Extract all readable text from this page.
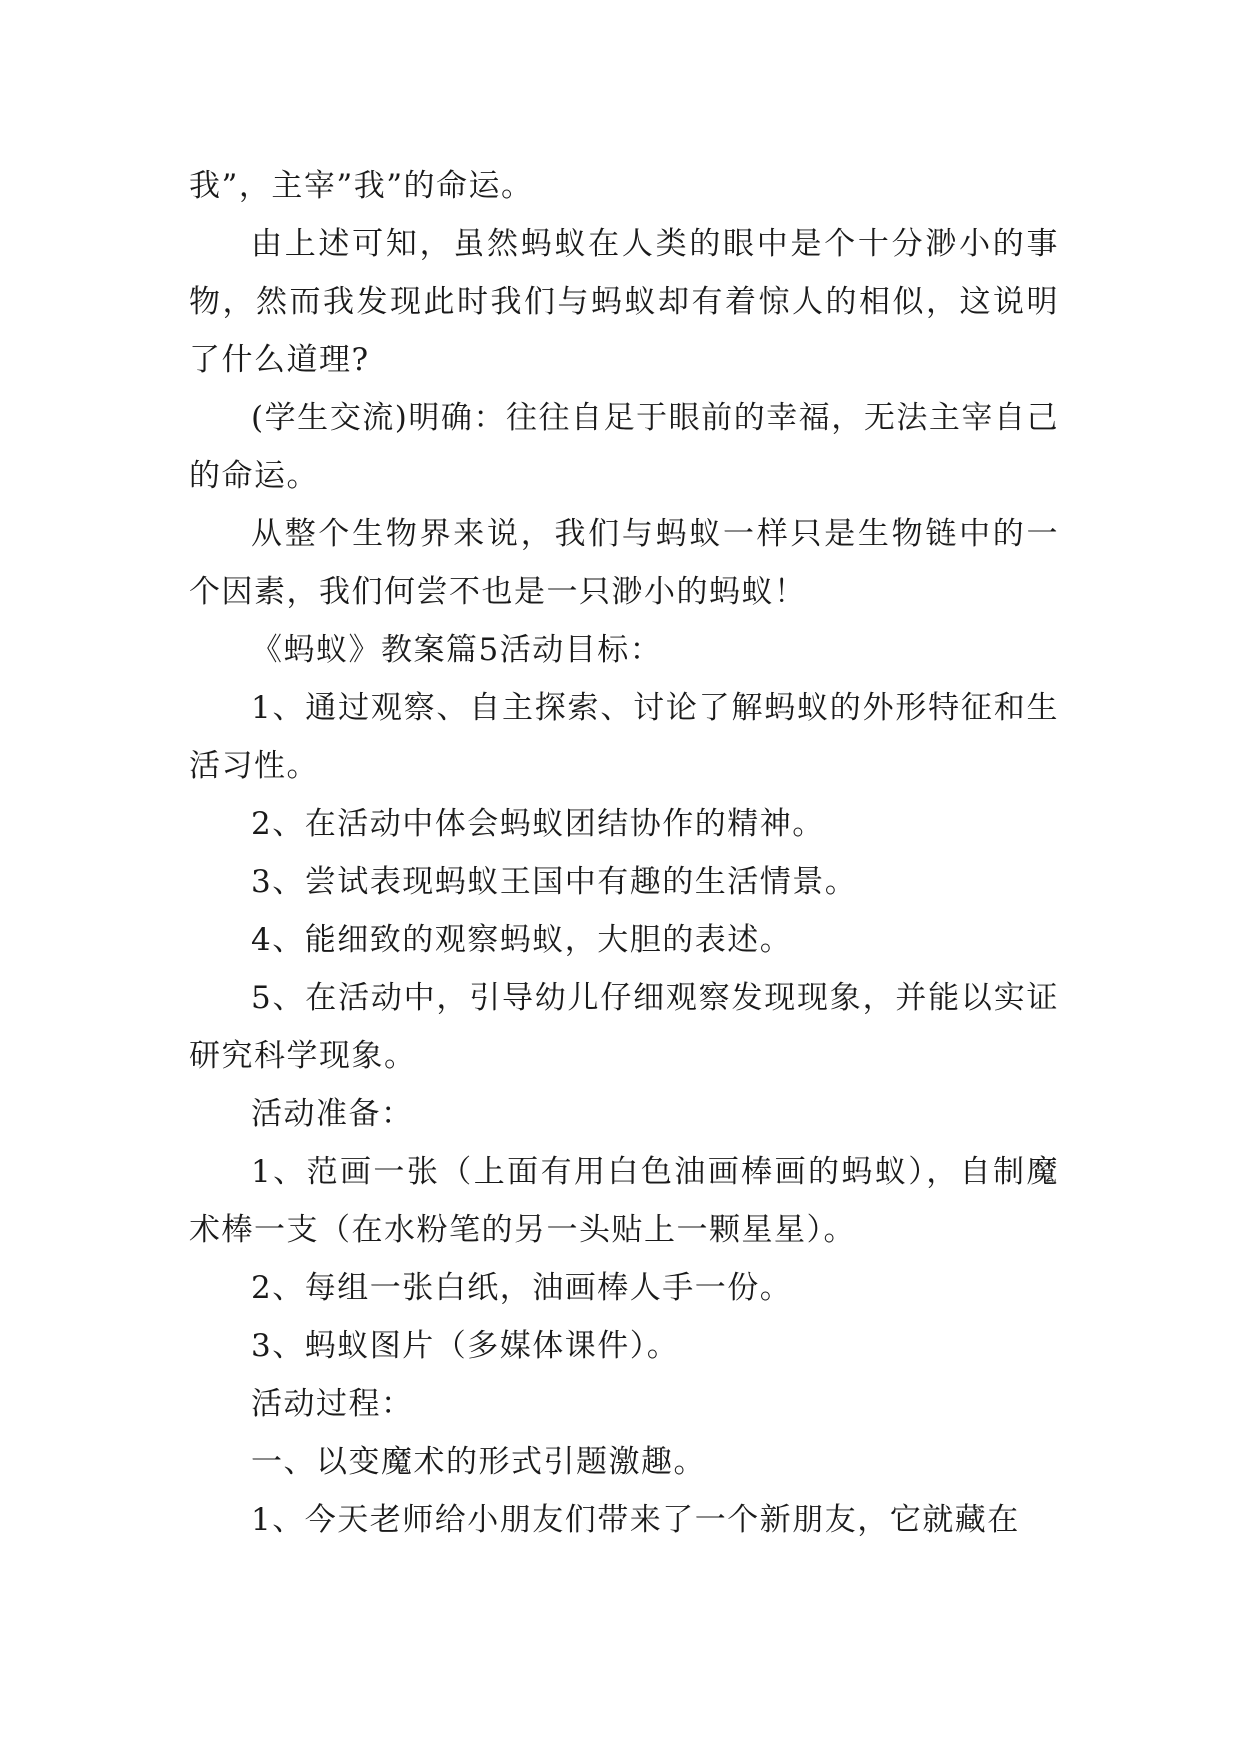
我”，主宰”我”的命运。

由上述可知，虽然蚂蚁在人类的眼中是个十分渺小的事物，然而我发现此时我们与蚂蚁却有着惊人的相似，这说明了什么道理?

(学生交流)明确：往往自足于眼前的幸福，无法主宰自己的命运。

从整个生物界来说，我们与蚂蚁一样只是生物链中的一个因素，我们何尝不也是一只渺小的蚂蚁！

《蚂蚁》教案篇5活动目标：

1、通过观察、自主探索、讨论了解蚂蚁的外形特征和生活习性。

2、在活动中体会蚂蚁团结协作的精神。

3、尝试表现蚂蚁王国中有趣的生活情景。

4、能细致的观察蚂蚁，大胆的表述。

5、在活动中，引导幼儿仔细观察发现现象，并能以实证研究科学现象。

活动准备：

1、范画一张（上面有用白色油画棒画的蚂蚁），自制魔术棒一支（在水粉笔的另一头贴上一颗星星）。

2、每组一张白纸，油画棒人手一份。

3、蚂蚁图片（多媒体课件）。

活动过程：

一、以变魔术的形式引题激趣。

1、今天老师给小朋友们带来了一个新朋友，它就藏在
